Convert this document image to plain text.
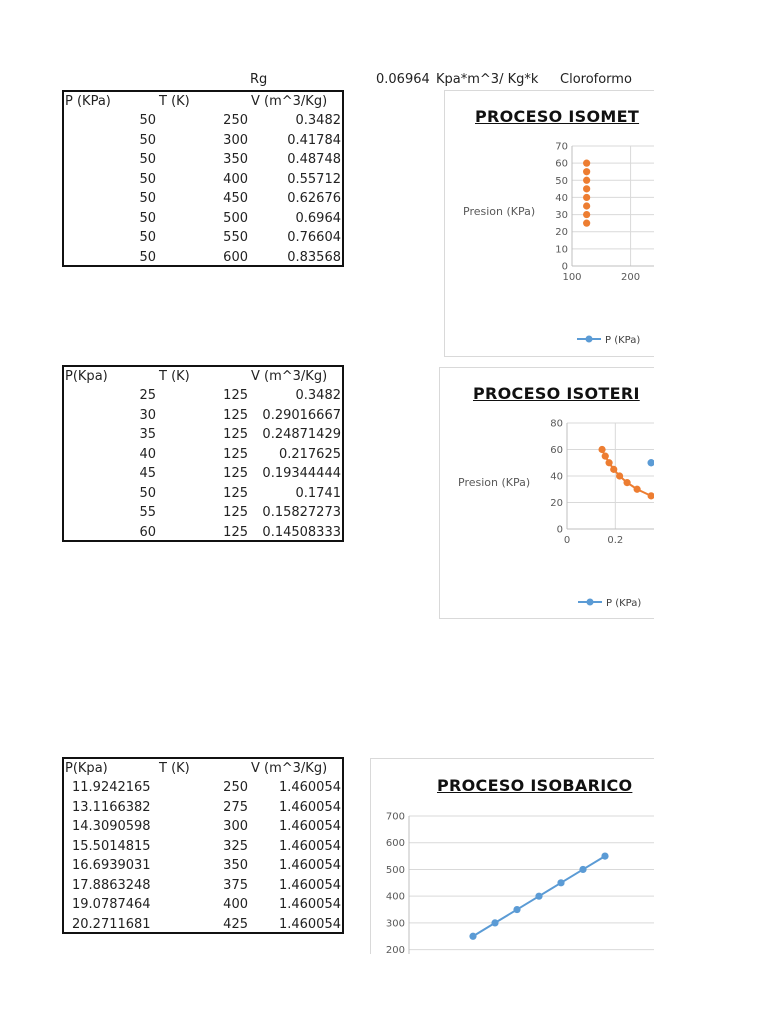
Rg	0.06964 Kpa*m^3/ Kg*k Cloroformo
P (KPa)	T (K)	V (m^3/Kg)
50	250	0.3482
50	300	0.41784
50	350	0.48748
50	400	0.55712
50	450	0.62676
50	500	0.6964
50	550	0.76604
50	600	0.83568
P(Kpa)	T (K)	V (m^3/Kg)
25	125	0.3482
30	125 0.29016667
35	125 0.24871429
40	125 0.217625
45	125 0.19344444
50	125	0.1741
55	125 0.15827273
60	125 0.14508333
P(Kpa)	T (K)	V (m^3/Kg)
11.9242165	250 1.460054
13.1166382	275 1.460054
14.3090598	300 1.460054
15.5014815	325 1.460054
16.6939031	350 1.460054
17.8863248	375 1.460054
19.0787464	400 1.460054
20.2711681	425 1.460054
PROCESO ISOMET
0
10
20
30
40
50
60
70
100	200
Presion (KPa)
P (KPa)
PROCESO ISOTERI
0
20
40
60
80
0	0.2
Presion (KPa)
P (KPa)
PROCESO ISOBARICO
200
300
400
500
600
700
